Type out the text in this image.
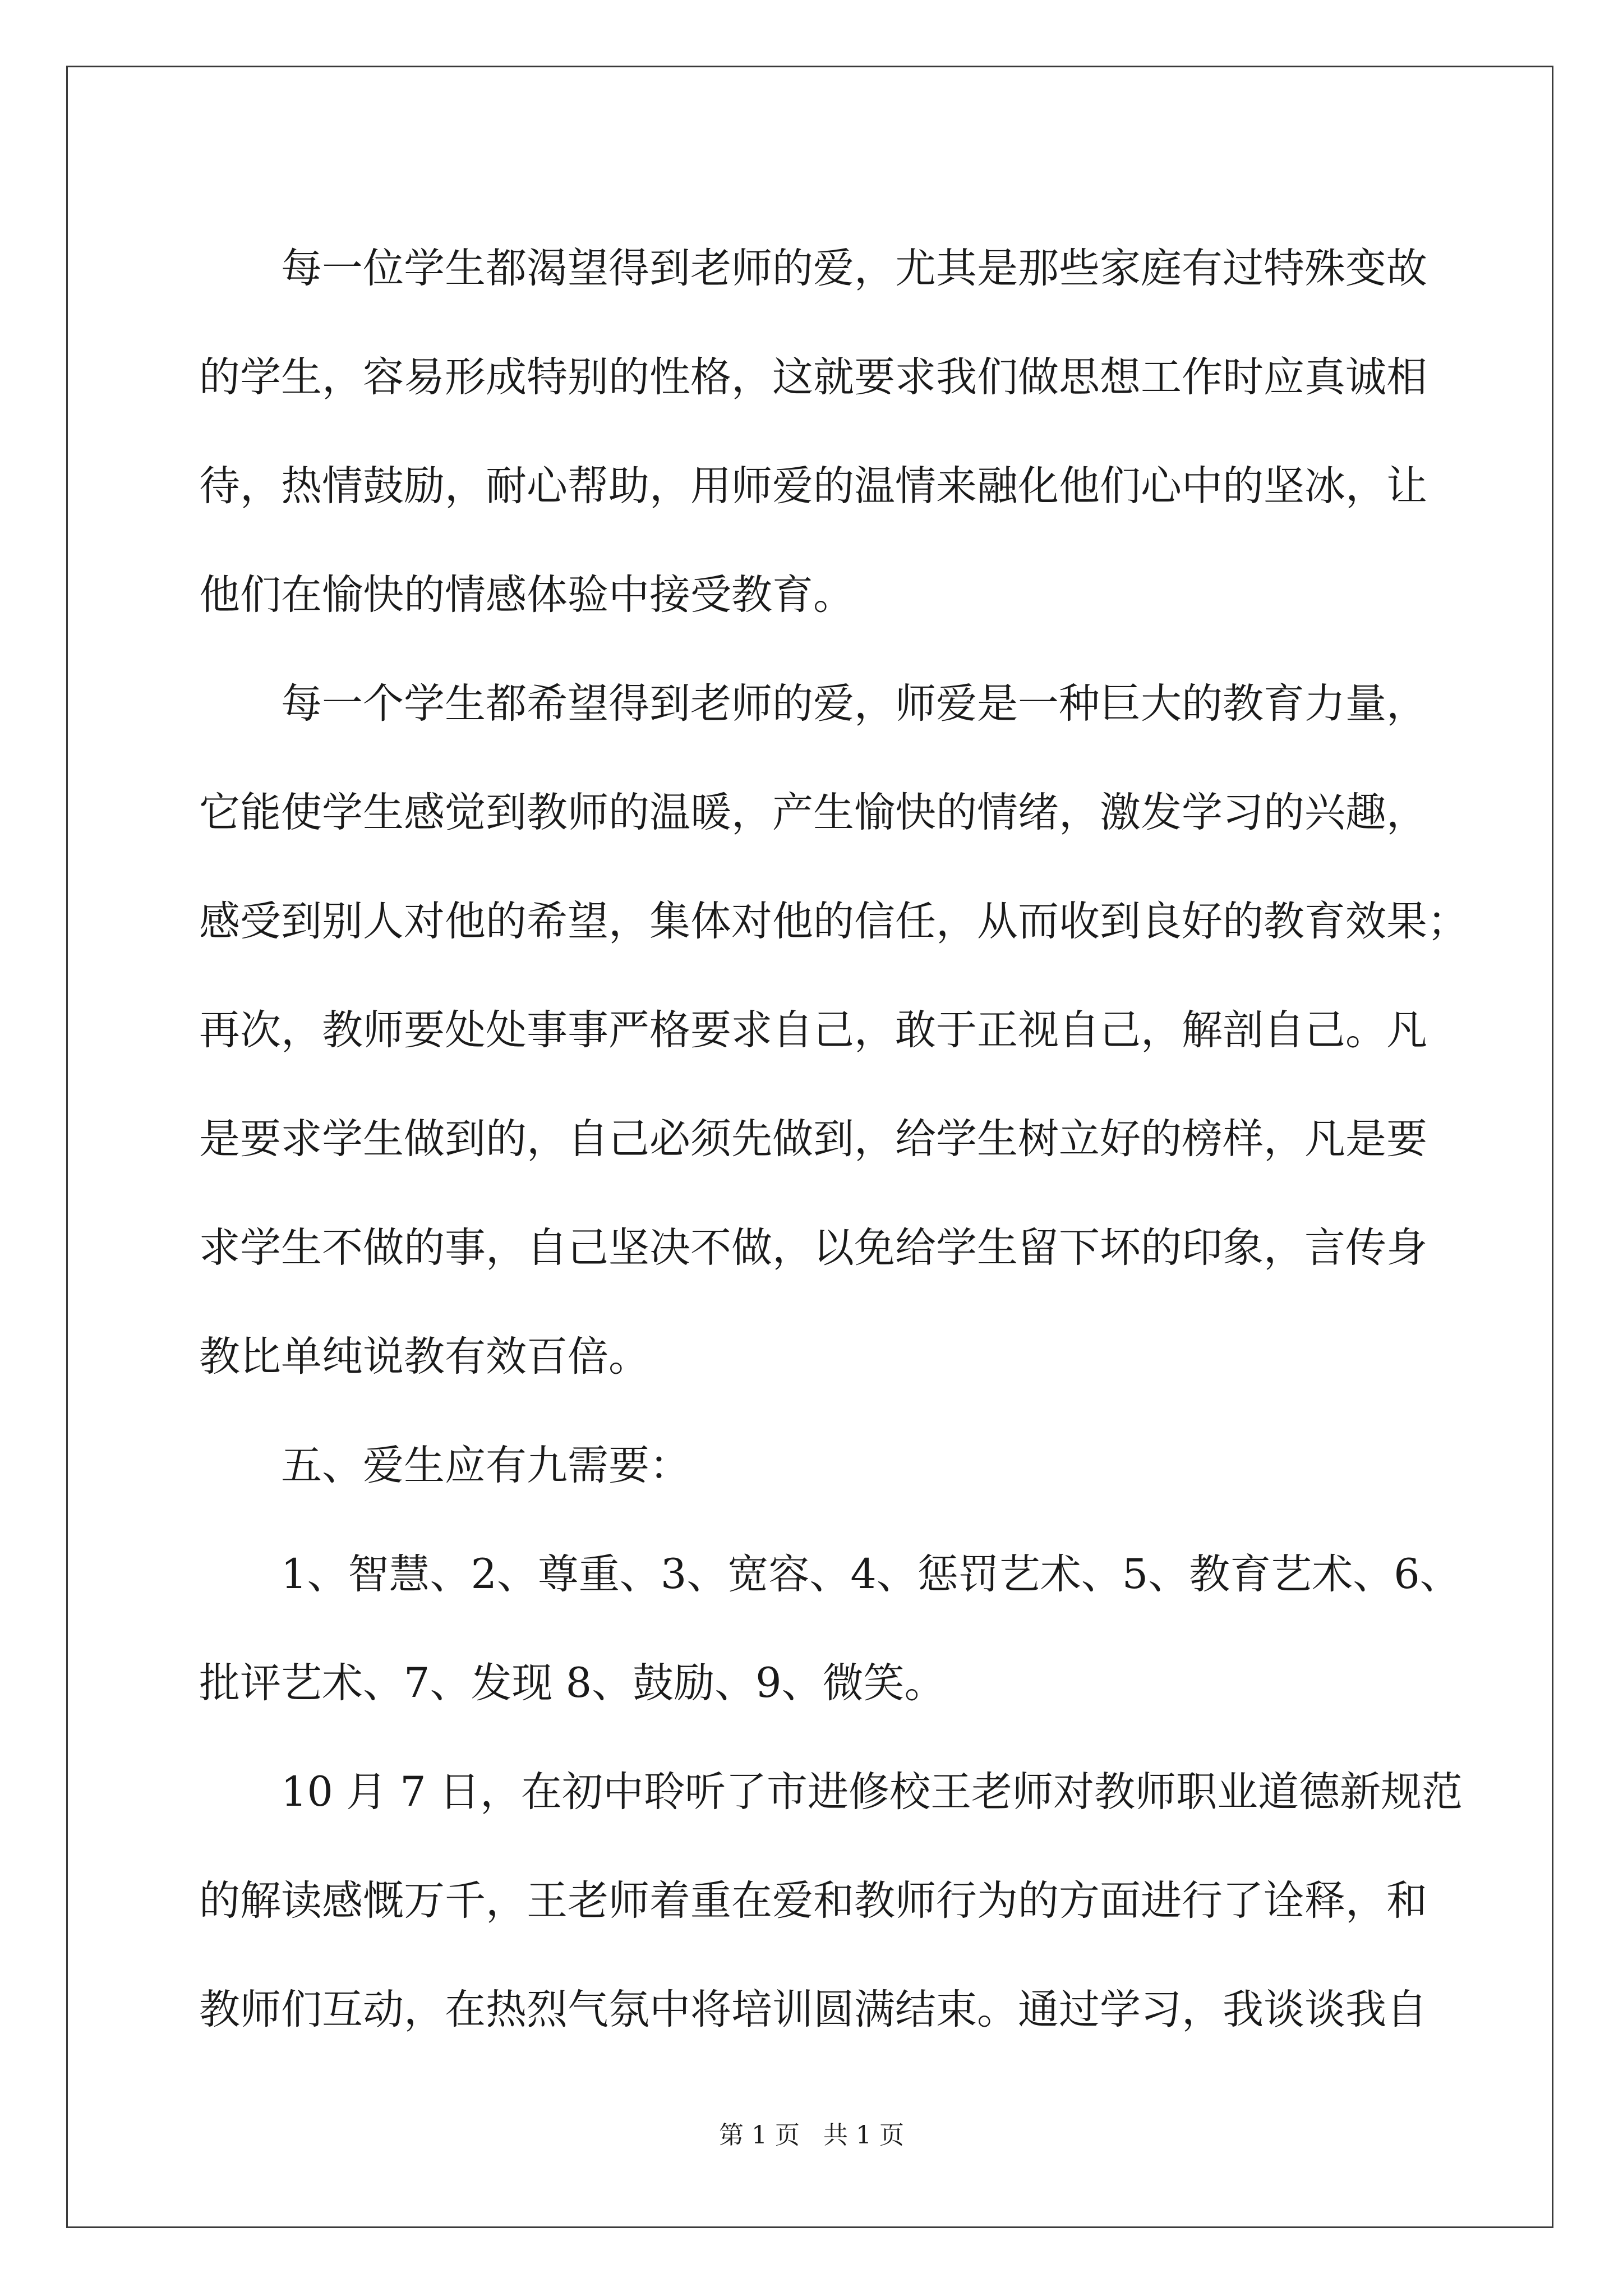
每一位学生都渴望得到老师的爱，尤其是那些家庭有过特殊变故
的学生，容易形成特别的性格，这就要求我们做思想工作时应真诚相
待，热情鼓励，耐心帮助，用师爱的温情来融化他们心中的坚冰，让
他们在愉快的情感体验中接受教育。
每一个学生都希望得到老师的爱，师爱是一种巨大的教育力量，
它能使学生感觉到教师的温暖，产生愉快的情绪，激发学习的兴趣，
感受到别人对他的希望，集体对他的信任，从而收到良好的教育效果；
再次，教师要处处事事严格要求自己，敢于正视自己，解剖自己。凡
是要求学生做到的，自己必须先做到，给学生树立好的榜样，凡是要
求学生不做的事，自己坚决不做，以免给学生留下坏的印象，言传身
教比单纯说教有效百倍。
五、爱生应有九需要：
1、智慧、2、尊重、3、宽容、4、惩罚艺术、5、教育艺术、6、
批评艺术、7、发现 8、鼓励、9、微笑。
10 月 7 日，在初中聆听了市进修校王老师对教师职业道德新规范
的解读感慨万千，王老师着重在爱和教师行为的方面进行了诠释，和
教师们互动，在热烈气氛中将培训圆满结束。通过学习，我谈谈我自
第 1 页   共 1 页
